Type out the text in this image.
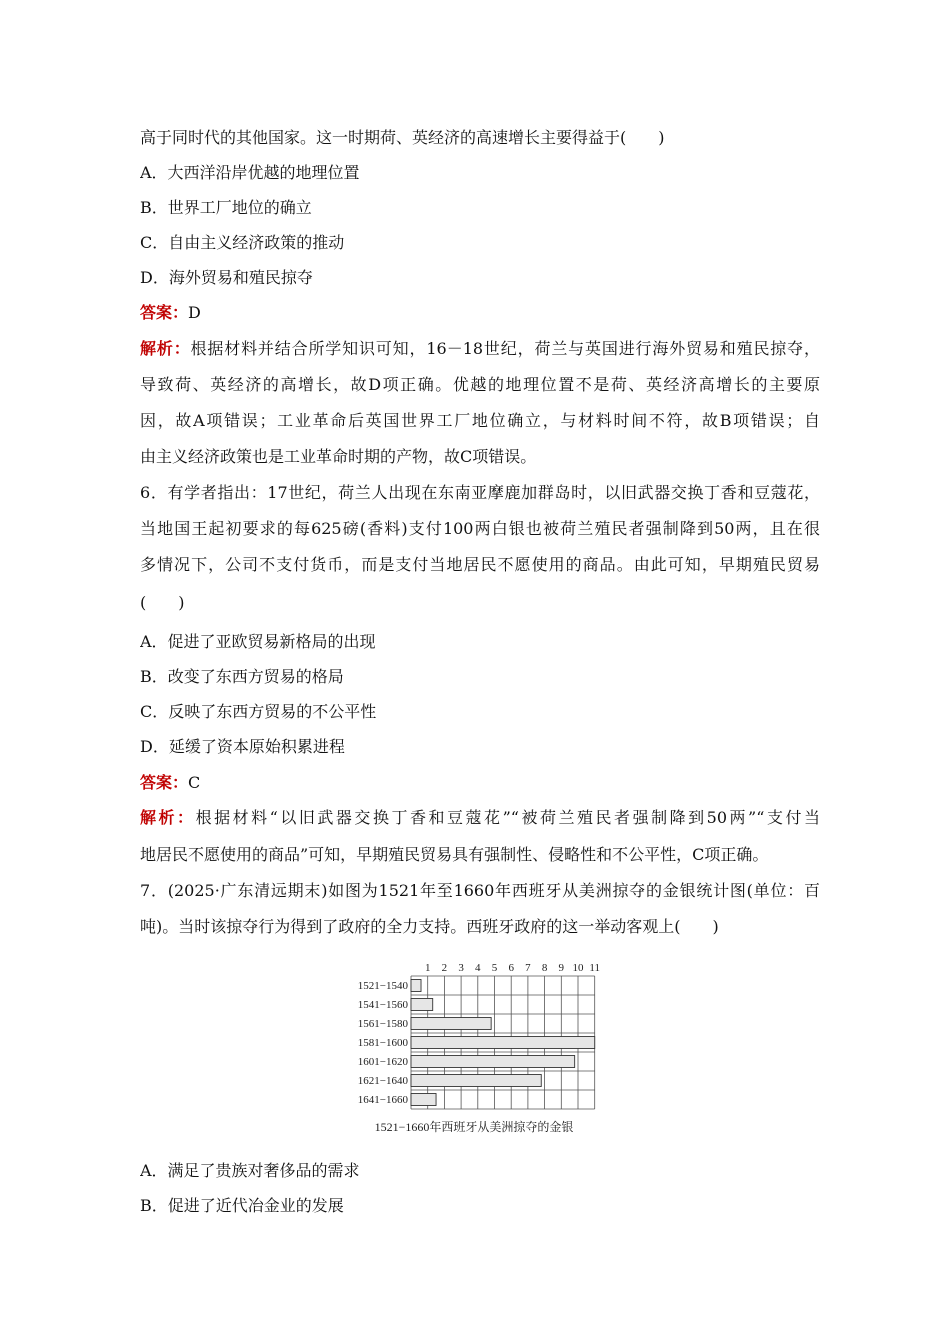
高于同时代的其他国家。这一时期荷、英经济的高速增长主要得益于(　　)
A．大西洋沿岸优越的地理位置
B．世界工厂地位的确立
C．自由主义经济政策的推动
D．海外贸易和殖民掠夺
答案：D
解析：根据材料并结合所学知识可知，16－18世纪，荷兰与英国进行海外贸易和殖民掠夺，
导致荷、英经济的高增长，故D项正确。优越的地理位置不是荷、英经济高增长的主要原
因，故A项错误；工业革命后英国世界工厂地位确立，与材料时间不符，故B项错误；自
由主义经济政策也是工业革命时期的产物，故C项错误。
6．有学者指出：17世纪，荷兰人出现在东南亚摩鹿加群岛时，以旧武器交换丁香和豆蔻花，
当地国王起初要求的每625磅(香料)支付100两白银也被荷兰殖民者强制降到50两，且在很
多情况下，公司不支付货币，而是支付当地居民不愿使用的商品。由此可知，早期殖民贸易
(　　)
A．促进了亚欧贸易新格局的出现
B．改变了东西方贸易的格局
C．反映了东西方贸易的不公平性
D．延缓了资本原始积累进程
答案：C
解析：根据材料“以旧武器交换丁香和豆蔻花”“被荷兰殖民者强制降到50两”“支付当
地居民不愿使用的商品”可知，早期殖民贸易具有强制性、侵略性和不公平性，C项正确。
7．(2025·广东清远期末)如图为1521年至1660年西班牙从美洲掠夺的金银统计图(单位：百
吨)。当时该掠夺行为得到了政府的全力支持。西班牙政府的这一举动客观上(　　)
1 2 3 4 5 6 7 8 9 10 11
1521−1540
1541−1560
1561−1580
1581−1600
1601−1620
1621−1640
1641−1660
1521−1660年西班牙从美洲掠夺的金银
A．满足了贵族对奢侈品的需求
B．促进了近代冶金业的发展
